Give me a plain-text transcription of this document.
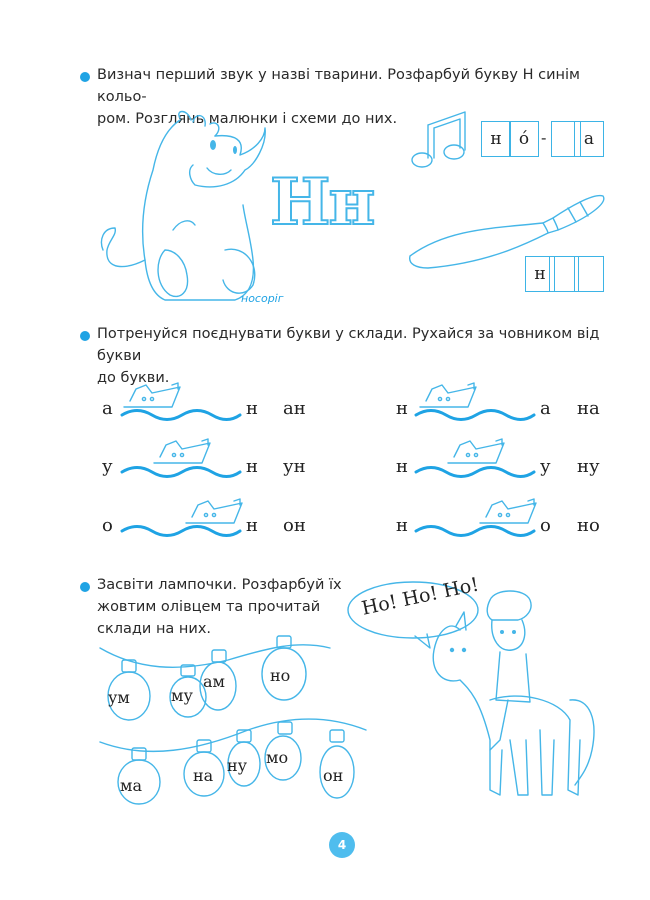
Визнач перший звук у назві тварини. Розфарбуй букву Н синім кольо-
ром. Розглянь малюнки і схеми до них.
носоріг
Нн
н	ó -	а
н
Потренуйся поєднувати букви у склади. Рухайся за човником від букви
до букви.
а	н ан
у	н ун
о	н он
н	а на
н	у ну
н	о но
Засвіти лампочки. Розфарбуй їх
жовтим олівцем та прочитай
склади на них.
ум	му
ам	но
ма
на
ну мо
он
Но! Но! Но!
4
